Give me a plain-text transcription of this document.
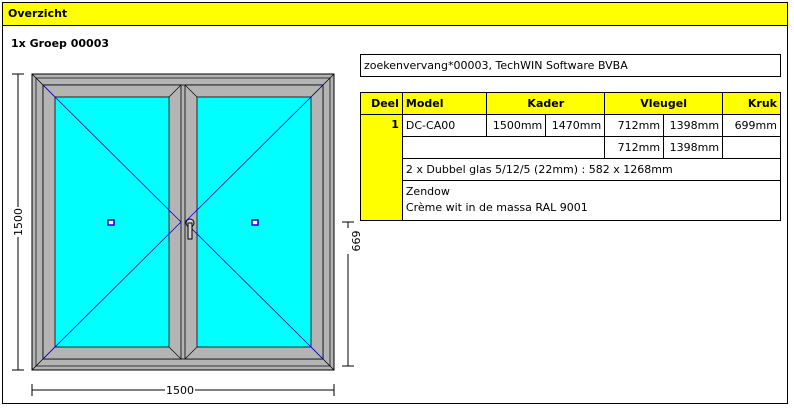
Overzicht
1x Groep 00003
1500
1500
699
zoekenvervang*00003, TechWIN Software BVBA
Deel	Model	Kader		Vleugel		Kruk
1	DC-CA00	1500mm	1470mm	712mm	1398mm	699mm
				712mm	1398mm	
	2 x Dubbel glas 5/12/5 (22mm) : 582 x 1268mm					

	Zendow
Crème wit in de massa RAL 9001					
